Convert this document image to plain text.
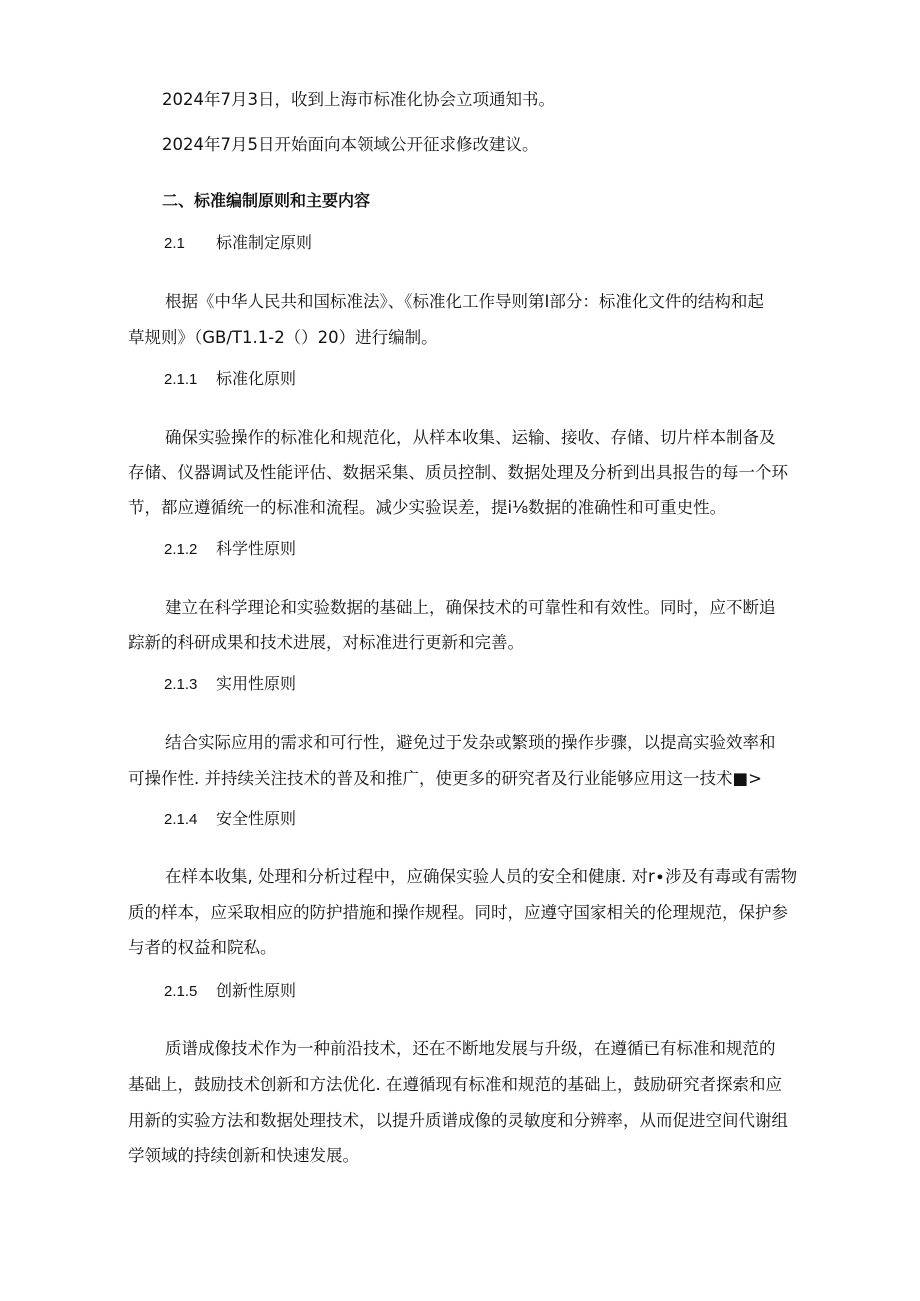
2024年7月3日，收到上海市标准化协会立项通知书。
2024年7月5日开始面向本领域公开征求修改建议。
二、标准编制原则和主要内容
2.1 标准制定原则
根据《中华人民共和国标准法》、《标准化工作导则第Ⅰ部分：标准化文件的结构和起
草规则》（GB∕T1.1-2（）20）进行编制。
2.1.1 标准化原则
确保实验操作的标准化和规范化，从样本收集、运输、接收、存储、切片样本制备及
存储、仪器调试及性能评估、数据采集、质员控制、数据处理及分析到出具报告的每一个环
节，都应遵循统一的标准和流程。减少实验误差，提i⅛数据的准确性和可重史性。
2.1.2 科学性原则
建立在科学理论和实验数据的基础上，确保技术的可靠性和有效性。同时，应不断追
踪新的科研成果和技术进展，对标准进行更新和完善。
2.1.3 实用性原则
结合实际应用的需求和可行性，避免过于发杂或繁琐的操作步骤，以提高实验效率和
可操作性. 并持续关注技术的普及和推广，使更多的研究者及行业能够应用这一技术■>
2.1.4 安全性原则
在样本收集, 处理和分析过程中，应确保实验人员的安全和健康. 对r∙涉及有毒或有需物
质的样本，应采取相应的防护措施和操作规程。同时，应遵守国家相关的伦理规范，保护参
与者的权益和院私。
2.1.5 创新性原则
质谱成像技术作为一种前沿技术，还在不断地发展与升级，在遵循已有标准和规范的
基础上，鼓励技术创新和方法优化. 在遵循现有标准和规范的基础上，鼓励研究者探索和应
用新的实验方法和数据处理技术，以提升质谱成像的灵敏度和分辨率，从而促进空间代谢组
学领域的持续创新和快速发展。
